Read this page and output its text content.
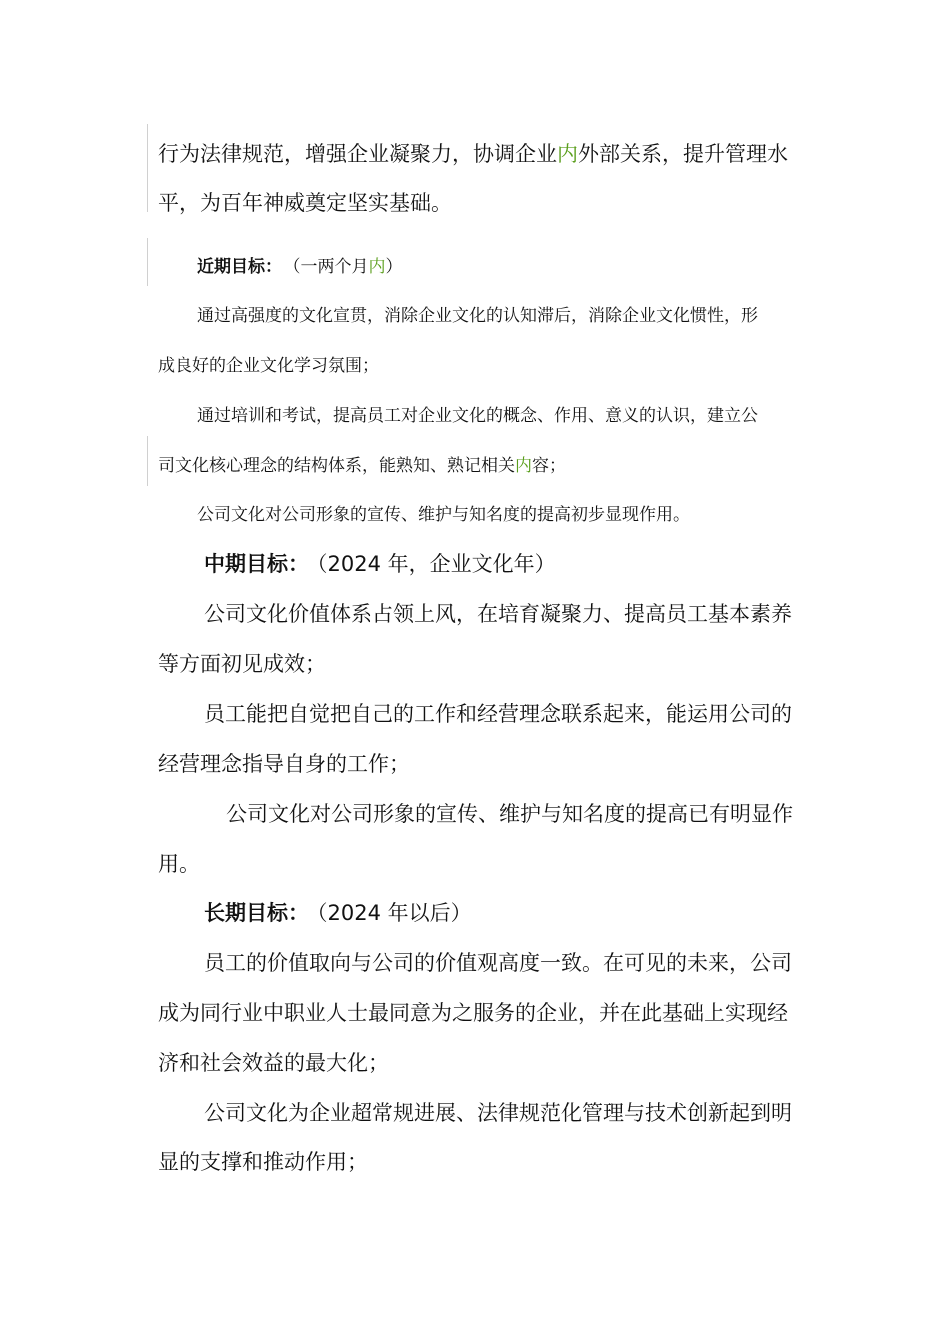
行为法律规范，增强企业凝聚力，协调企业内外部关系，提升管理水
平，为百年神威奠定坚实基础。
近期目标： （一两个月内）
通过高强度的文化宣贯，消除企业文化的认知滞后，消除企业文化惯性，形
成良好的企业文化学习氛围；
通过培训和考试，提高员工对企业文化的概念、作用、意义的认识，建立公
司文化核心理念的结构体系，能熟知、熟记相关内容；
公司文化对公司形象的宣传、维护与知名度的提高初步显现作用。
中期目标： （2024 年，企业文化年）
公司文化价值体系占领上风，在培育凝聚力、提高员工基本素养
等方面初见成效；
员工能把自觉把自己的工作和经营理念联系起来，能运用公司的
经营理念指导自身的工作；
公司文化对公司形象的宣传、维护与知名度的提高已有明显作
用。
长期目标： （2024 年以后）
员工的价值取向与公司的价值观高度一致。在可见的未来，公司
成为同行业中职业人士最同意为之服务的企业，并在此基础上实现经
济和社会效益的最大化；
公司文化为企业超常规进展、法律规范化管理与技术创新起到明
显的支撑和推动作用；
